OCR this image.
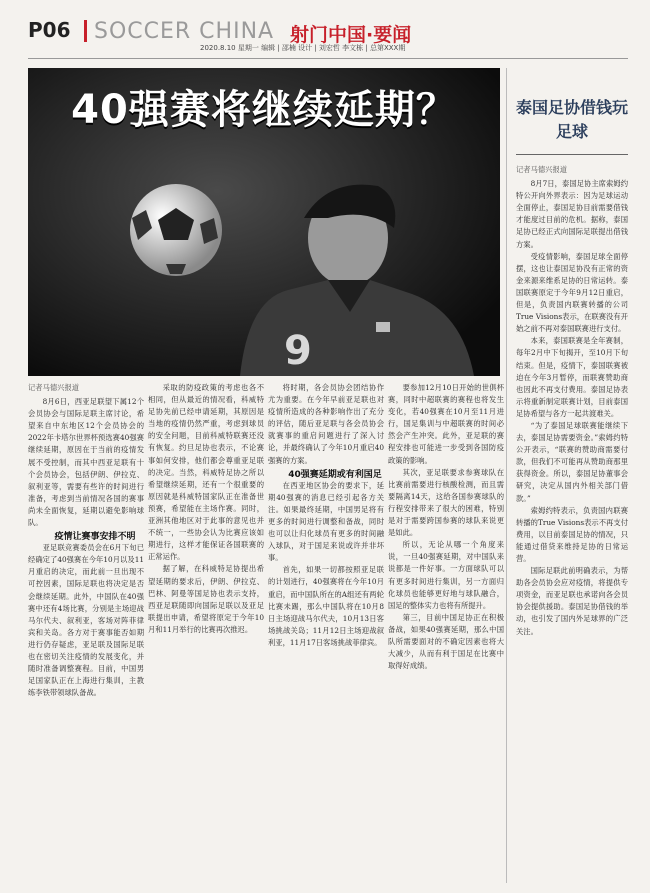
P06 SOCCER CHINA 射门中国·要闻
2020.8.10 星期一 编辑 | 邵楠 设计 | 刘宏哲 李文栋 | 总第XXX期
9
40强赛将继续延期？

记者马德兴报道

8月6日，西亚足联望下属12个会员协会与国际足联主席讨论，希望来自中东地区12个会员协会的2022年卡塔尔世界杯预选赛40强赛继续延期，原因在于当前的疫情发展不受控制，而其中西亚足联有十个会员协会，包括伊朗、伊拉克、叙利亚等，需要有些许的时间进行准备，考虑到当前情况各国的赛事尚未全面恢复，延期以避免影响球队。

疫情让赛事安排不明

亚足联竞赛委员会在6月下旬已经确定了40强赛在今年10月以及11月重启的决定，而此前一旦出现不可控因素，国际足联也将决定是否会继续延期。此外，中国队在40强赛中还有4场比赛，分别是主场迎战马尔代夫、叙利亚，客场对阵菲律宾和关岛。各方对于赛事能否如期进行仍存疑虑，亚足联及国际足联也在密切关注疫情的发展变化，并随时准备调整赛程。目前，中国男足国家队正在上海进行集训，主教练李铁带领球队备战。

采取的防疫政策的考虑也各不相同，但从最近的情况看，科威特足协先前已经申请延期，其原因是当地的疫情仍然严重，考虑到球员的安全问题，目前科威特联赛还没有恢复。约旦足协也表示，不论赛事如何安排，他们都会尊重亚足联的决定。当然，科威特足协之所以希望继续延期，还有一个很重要的原因就是科威特国家队正在准备世预赛，希望能在主场作赛。同时，亚洲其他地区对于此事的意见也并不统一，一些协会认为比赛应该如期进行，这样才能保证各国联赛的正常运作。

据了解，在科威特足协提出希望延期的要求后，伊朗、伊拉克、巴林、阿曼等国足协也表示支持，西亚足联随即向国际足联以及亚足联提出申请，希望将原定于今年10月和11月举行的比赛再次推迟。

将时期，各会员协会团结协作尤为重要。在今年早前亚足联也对疫情所造成的各种影响作出了充分的评估，随后亚足联与各会员协会就赛事的重启问题进行了深入讨论，并最终确认了今年10月重启40强赛的方案。

40强赛延期或有利国足

在西亚地区协会的要求下，延期40强赛的消息已经引起各方关注。如果最终延期，中国男足将有更多的时间进行调整和备战，同时也可以让归化球员有更多的时间融入球队，对于国足来说或许并非坏事。

首先，如果一切都按照亚足联的计划进行，40强赛将在今年10月重启，而中国队所在的A组还有两轮比赛未踢，那么中国队将在10月8日主场迎战马尔代夫，10月13日客场挑战关岛；11月12日主场迎战叙利亚，11月17日客场挑战菲律宾。

要参加12月10日开始的世俱杯赛，同时中超联赛的赛程也将发生变化，若40强赛在10月至11月进行，国足集训与中超联赛的时间必然会产生冲突。此外，亚足联的赛程安排也可能进一步受到各国防疫政策的影响。

其次，亚足联要求参赛球队在比赛前需要进行核酸检测，而且需要隔离14天，这给各国参赛球队的行程安排带来了很大的困难，特别是对于需要跨国参赛的球队来说更是如此。

所以，无论从哪一个角度来说，一旦40强赛延期，对中国队来说都是一件好事。一方面球队可以有更多时间进行集训，另一方面归化球员也能够更好地与球队融合，国足的整体实力也将有所提升。

第三，目前中国足协正在积极备战，如果40强赛延期，那么中国队所需要面对的不确定因素也将大大减少，从而有利于国足在比赛中取得好成绩。

泰国足协借钱玩足球

记者马德兴报道

8月7日，泰国足协主席索姆约特公开向外界表示：因为足球运动全面停止，泰国足协目前需要借钱才能度过目前的危机。据称，泰国足协已经正式向国际足联提出借钱方案。

受疫情影响，泰国足球全面停摆，这也让泰国足协没有正常的资金来源来维系足协的日常运转。泰国联赛原定于今年9月12日重启，但是，负责国内联赛转播的公司True Visions表示，在联赛没有开始之前不再对泰国联赛进行支付。

本来，泰国联赛是全年赛制，每年2月中下旬揭开，至10月下旬结束。但是，疫情下，泰国联赛被迫在今年3月暂停，而联赛赞助商也因此不再支付费用。泰国足协表示将重新制定联赛计划，目前泰国足协希望与各方一起共渡难关。

“为了泰国足球联赛能继续下去，泰国足协需要资金。”索姆约特公开表示，“联赛的赞助商需要付款，但我们不可能再从赞助商那里获得资金。所以，泰国足协董事会研究，决定从国内外相关部门借款。”

索姆约特表示，负责国内联赛转播的True Visions表示不再支付费用，以目前泰国足协的情况，只能通过借贷来维持足协的日常运营。

国际足联此前明确表示，为帮助各会员协会应对疫情，将提供专项资金，而亚足联也承诺向各会员协会提供援助。泰国足协借钱的举动，也引发了国内外足球界的广泛关注。
